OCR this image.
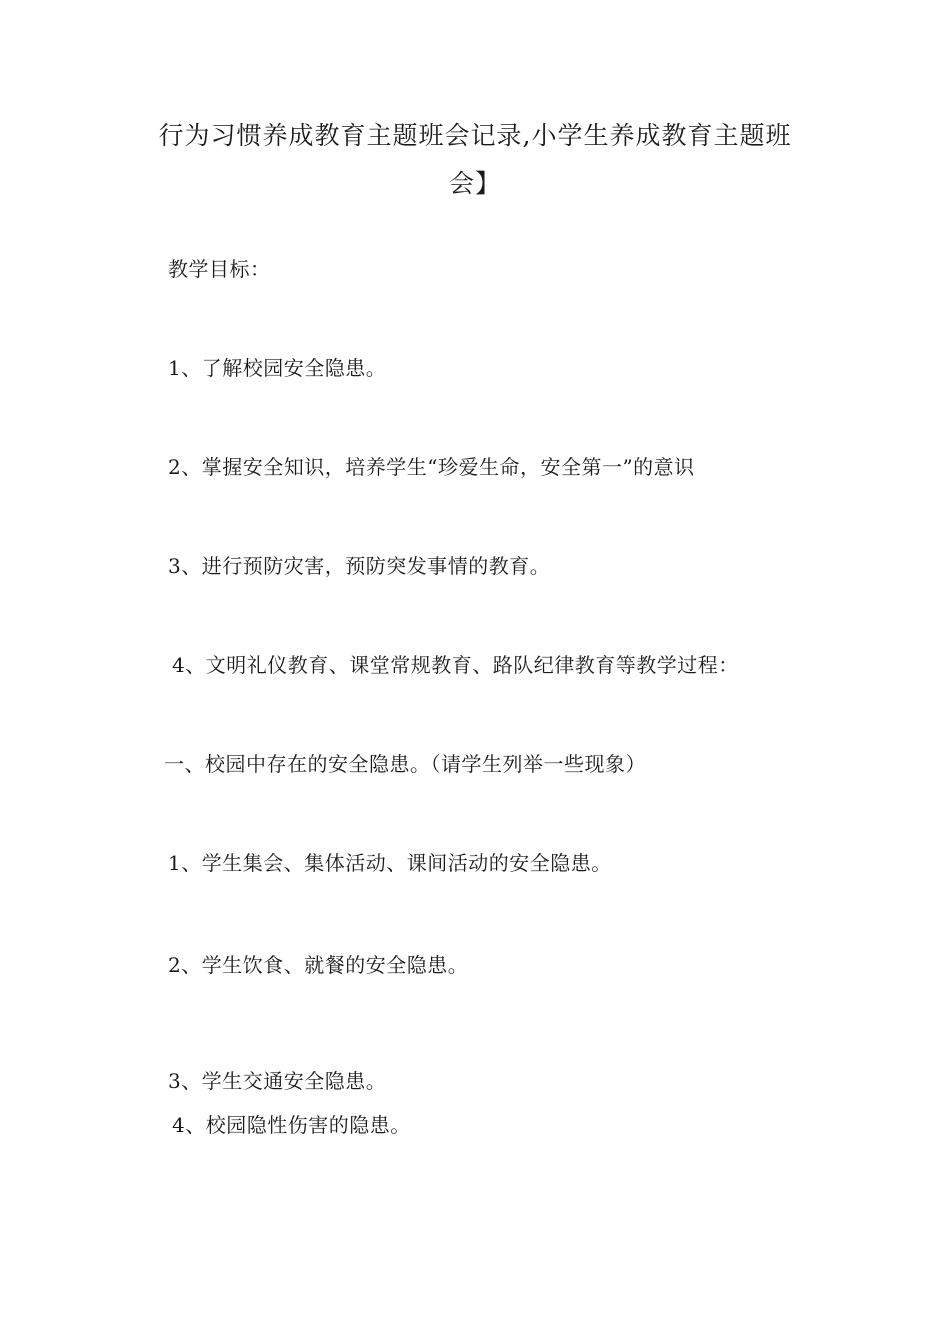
行为习惯养成教育主题班会记录,小学生养成教育主题班会】
教学目标：
1、了解校园安全隐患。
2、掌握安全知识，培养学生“珍爱生命，安全第一”的意识
3、进行预防灾害，预防突发事情的教育。
4、文明礼仪教育、课堂常规教育、路队纪律教育等教学过程：
一、校园中存在的安全隐患。（请学生列举一些现象）
1、学生集会、集体活动、课间活动的安全隐患。
2、学生饮食、就餐的安全隐患。
3、学生交通安全隐患。
4、校园隐性伤害的隐患。
